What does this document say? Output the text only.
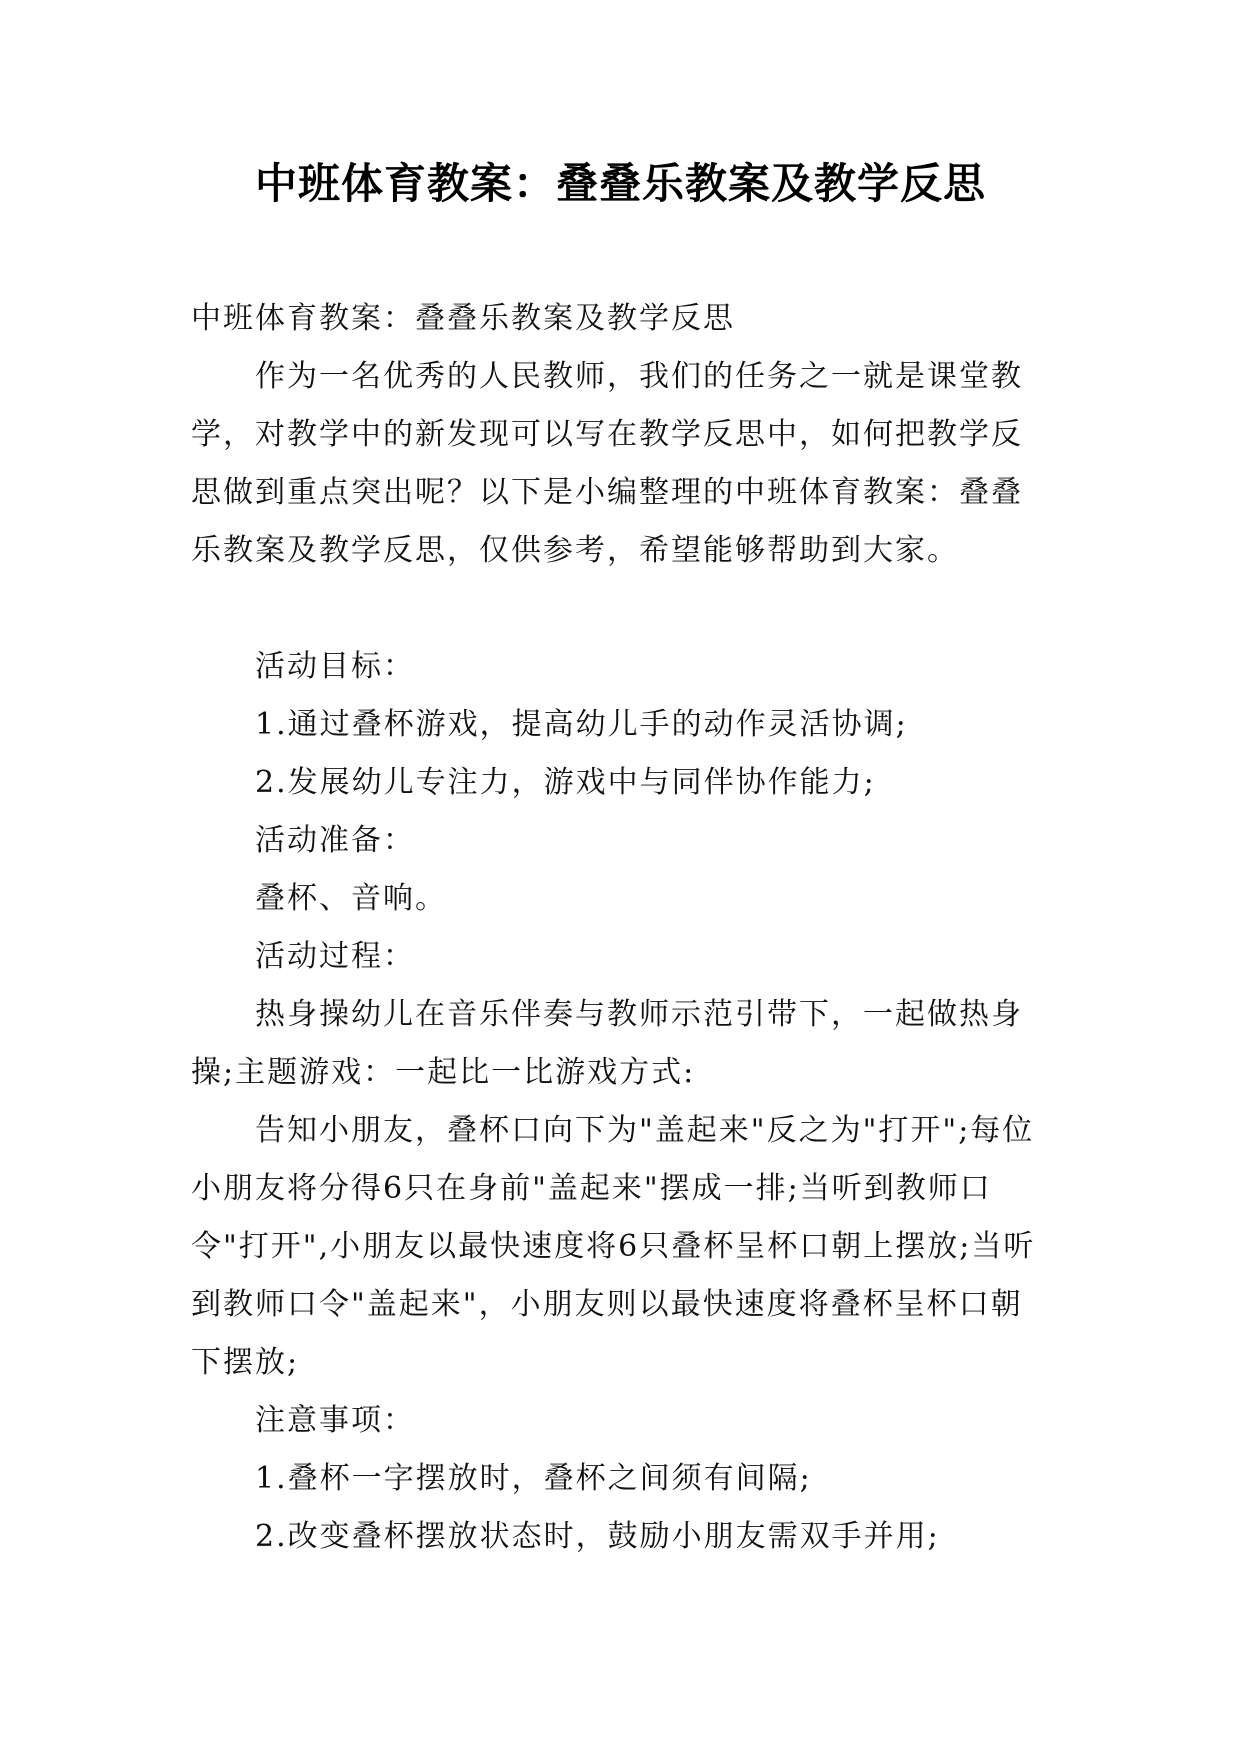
中班体育教案：叠叠乐教案及教学反思

中班体育教案：叠叠乐教案及教学反思

作为一名优秀的人民教师，我们的任务之一就是课堂教学，对教学中的新发现可以写在教学反思中，如何把教学反思做到重点突出呢？以下是小编整理的中班体育教案：叠叠乐教案及教学反思，仅供参考，希望能够帮助到大家。

活动目标：

1.通过叠杯游戏，提高幼儿手的动作灵活协调;

2.发展幼儿专注力，游戏中与同伴协作能力;

活动准备：

叠杯、音响。

活动过程：

热身操幼儿在音乐伴奏与教师示范引带下，一起做热身操;主题游戏：一起比一比游戏方式:

告知小朋友，叠杯口向下为"盖起来"反之为"打开";每位小朋友将分得6只在身前"盖起来"摆成一排;当听到教师口令"打开",小朋友以最快速度将6只叠杯呈杯口朝上摆放;当听到教师口令"盖起来"，小朋友则以最快速度将叠杯呈杯口朝下摆放;

注意事项：

1.叠杯一字摆放时，叠杯之间须有间隔;

2.改变叠杯摆放状态时，鼓励小朋友需双手并用;
